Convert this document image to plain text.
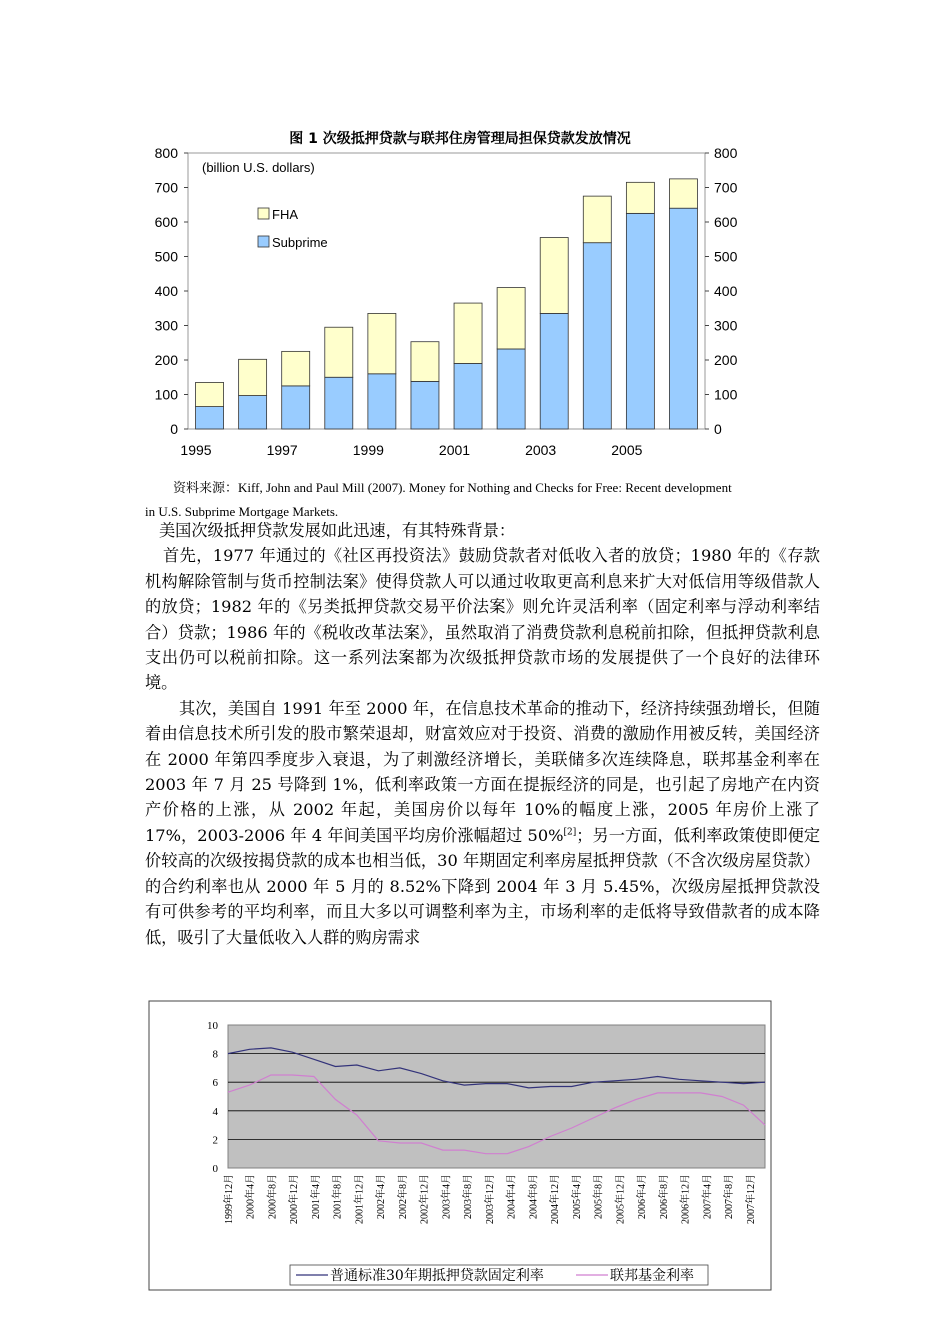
图 1 次级抵押贷款与联邦住房管理局担保贷款发放情况
0	0
100	100
200	200
300	300
400	400
500	500
600	600
700	700
800	800
1995	1997	1999	2001	2003	2005
(billion U.S. dollars)
FHA
Subprime
资料来源：Kiff, John and Paul Mill (2007). Money for Nothing and Checks for Free: Recent development
in U.S. Subprime Mortgage Markets.

美国次级抵押贷款发展如此迅速，有其特殊背景：

首先，1977 年通过的《社区再投资法》鼓励贷款者对低收入者的放贷；1980 年的《存款机构解除管制与货币控制法案》使得贷款人可以通过收取更高利息来扩大对低信用等级借款人的放贷；1982 年的《另类抵押贷款交易平价法案》则允许灵活利率（固定利率与浮动利率结合）贷款；1986 年的《税收改革法案》，虽然取消了消费贷款利息税前扣除，但抵押贷款利息支出仍可以税前扣除。这一系列法案都为次级抵押贷款市场的发展提供了一个良好的法律环境。

其次，美国自 1991 年至 2000 年，在信息技术革命的推动下，经济持续强劲增长，但随着由信息技术所引发的股市繁荣退却，财富效应对于投资、消费的激励作用被反转，美国经济在 2000 年第四季度步入衰退，为了刺激经济增长，美联储多次连续降息，联邦基金利率在 2003 年 7 月 25 号降到 1%，低利率政策一方面在提振经济的同是，也引起了房地产在内资产价格的上涨，从 2002 年起，美国房价以每年 10%的幅度上涨，2005 年房价上涨了 17%，2003-2006 年 4 年间美国平均房价涨幅超过 50%[2]；另一方面，低利率政策使即便定价较高的次级按揭贷款的成本也相当低，30 年期固定利率房屋抵押贷款（不含次级房屋贷款）的合约利率也从 2000 年 5 月的 8.52%下降到 2004 年 3 月 5.45%，次级房屋抵押贷款没有可供参考的平均利率，而且大多以可调整利率为主，市场利率的走低将导致借款者的成本降低，吸引了大量低收入人群的购房需求

0
2
4
6
8
10
1999年12月 2000年4月 2000年8月 2000年12月 2001年4月 2001年8月 2001年12月 2002年4月 2002年8月 2002年12月 2003年4月 2003年8月 2003年12月 2004年4月 2004年8月 2004年12月 2005年4月 2005年8月 2005年12月 2006年4月 2006年8月 2006年12月 2007年4月 2007年8月 2007年12月
普通标准30年期抵押贷款固定利率	联邦基金利率
